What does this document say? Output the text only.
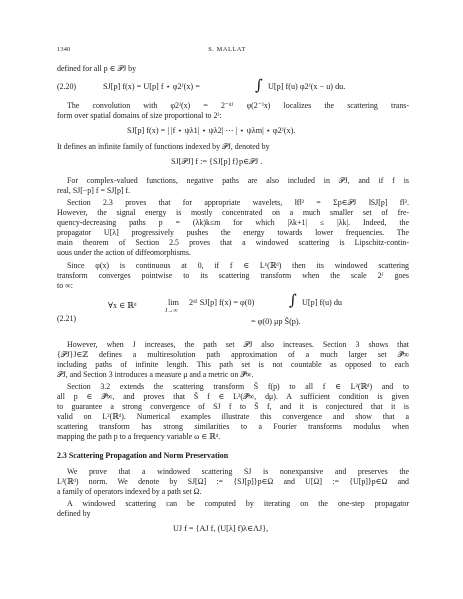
1340	S. MALLAT
defined for all p ∈ 𝒫J by
(2.20)	SJ[p] f(x) = U[p] f ⋆ φ2ᴶ(x) =	∫ U[p] f(u) φ2ᴶ(x − u) du.
The convolution with φ2ᴶ(x) = 2⁻ᵈᴶ φ(2⁻ᴶx) localizes the scattering trans-
form over spatial domains of size proportional to 2ᴶ:
SJ[p] f(x) = | |f ⋆ ψλ1| ⋆ ψλ2| ⋯ | ⋆ ψλm| ⋆ φ2ᴶ(x).
It defines an infinite family of functions indexed by 𝒫J, denoted by
SJ[𝒫J] f := {SJ[p] f}p∈𝒫J .
For complex-valued functions, negative paths are also included in 𝒫J, and if f is
real, SJ[−p] f = SJ[p] f.
Section 2.3 proves that for appropriate wavelets, ‖f‖² = Σp∈𝒫J ‖SJ[p] f‖².
However, the signal energy is mostly concentrated on a much smaller set of fre-
quency-decreasing paths p = (λk)k≤m for which |λk+1| ≤ |λk|. Indeed, the
propagator U[λ] progressively pushes the energy towards lower frequencies. The
main theorem of Section 2.5 proves that a windowed scattering is Lipschitz-contin-
uous under the action of diffeomorphisms.
Since φ(x) is continuous at 0, if f ∈ L¹(ℝᵈ) then its windowed scattering
transform converges pointwise to its scattering transform when the scale 2ᴶ goes
to ∞:
(2.21)
∀x ∈ ℝᵈ	lim
J→∞
2ᵈᴶ SJ[p] f(x) = φ(0) ∫ U[p] f(u) du
= φ(0) μp S̄(p).
However, when J increases, the path set 𝒫J also increases. Section 3 shows that
{𝒫J}J∈ℤ defines a multiresolution path approximation of a much larger set 𝒫̄∞
including paths of infinite length. This path set is not countable as opposed to each
𝒫J, and Section 3 introduces a measure μ and a metric on 𝒫̄∞.
Section 3.2 extends the scattering transform S̄ f(p) to all f ∈ L²(ℝᵈ) and to
all p ∈ 𝒫̄∞, and proves that S̄ f ∈ L²(𝒫̄∞, dμ). A sufficient condition is given
to guarantee a strong convergence of SJ f to S̄ f, and it is conjectured that it is
valid on L²(ℝᵈ). Numerical examples illustrate this convergence and show that a
scattering transform has strong similarities to a Fourier transforms modulus when
mapping the path p to a frequency variable ω ∈ ℝᵈ.
2.3 Scattering Propagation and Norm Preservation
We prove that a windowed scattering SJ is nonexpansive and preserves the
L²(ℝᵈ) norm. We denote by SJ[Ω] := {SJ[p]}p∈Ω and U[Ω] := {U[p]}p∈Ω and
a family of operators indexed by a path set Ω.
A windowed scattering can be computed by iterating on the one-step propagator
defined by
UJ f = {AJ f, (U[λ] f)λ∈ΛJ},
